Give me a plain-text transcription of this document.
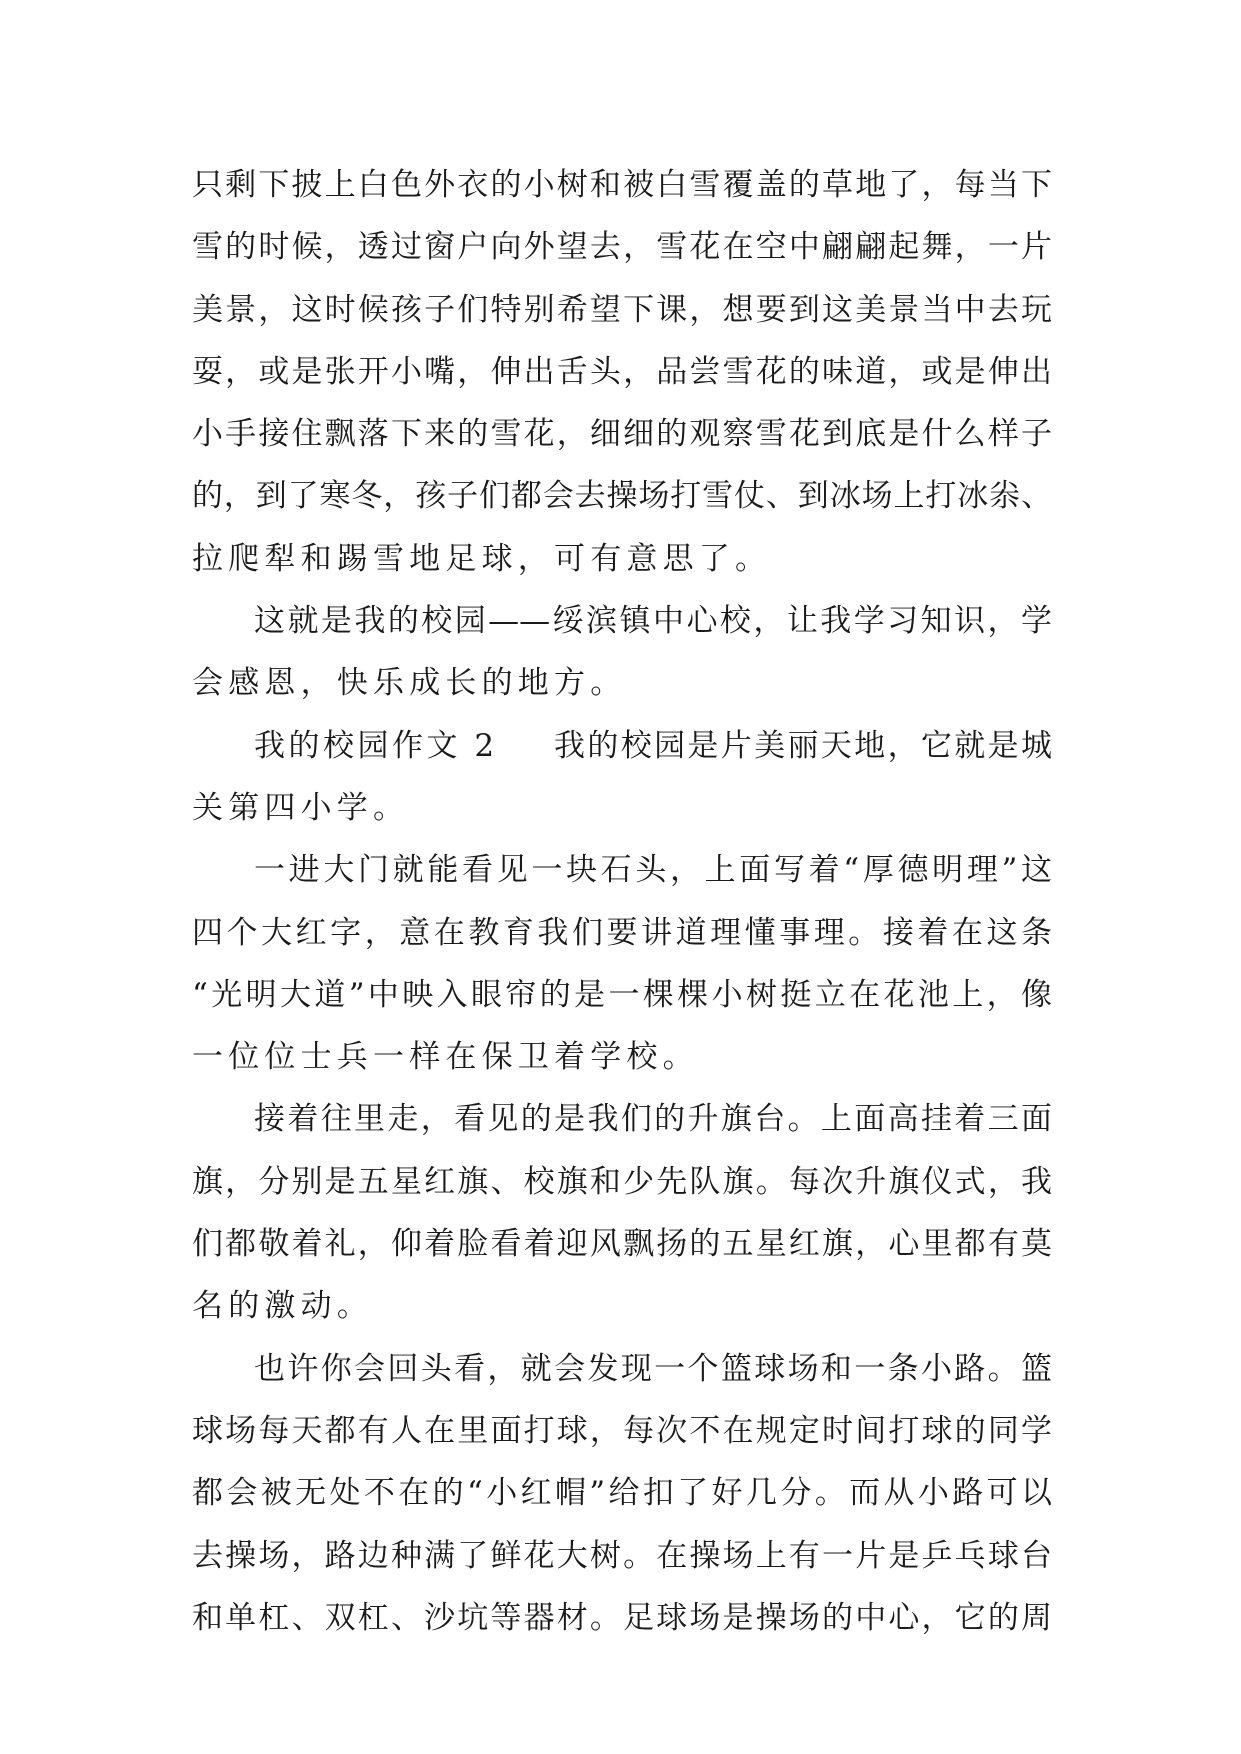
只剩下披上白色外衣的小树和被白雪覆盖的草地了，每当下
雪的时候，透过窗户向外望去，雪花在空中翩翩起舞，一片
美景，这时候孩子们特别希望下课，想要到这美景当中去玩
耍，或是张开小嘴，伸出舌头，品尝雪花的味道，或是伸出
小手接住飘落下来的雪花，细细的观察雪花到底是什么样子
的，到了寒冬，孩子们都会去操场打雪仗、到冰场上打冰尜、
拉爬犁和踢雪地足球，可有意思了。
这就是我的校园——绥滨镇中心校，让我学习知识，学
会感恩，快乐成长的地方。
我的校园作文 2 我的校园是片美丽天地，它就是城
关第四小学。
一进大门就能看见一块石头，上面写着“厚德明理”这
四个大红字，意在教育我们要讲道理懂事理。接着在这条
“光明大道”中映入眼帘的是一棵棵小树挺立在花池上，像
一位位士兵一样在保卫着学校。
接着往里走，看见的是我们的升旗台。上面高挂着三面
旗，分别是五星红旗、校旗和少先队旗。每次升旗仪式，我
们都敬着礼，仰着脸看着迎风飘扬的五星红旗，心里都有莫
名的激动。
也许你会回头看，就会发现一个篮球场和一条小路。篮
球场每天都有人在里面打球，每次不在规定时间打球的同学
都会被无处不在的“小红帽”给扣了好几分。而从小路可以
去操场，路边种满了鲜花大树。在操场上有一片是乒乓球台
和单杠、双杠、沙坑等器材。足球场是操场的中心，它的周
